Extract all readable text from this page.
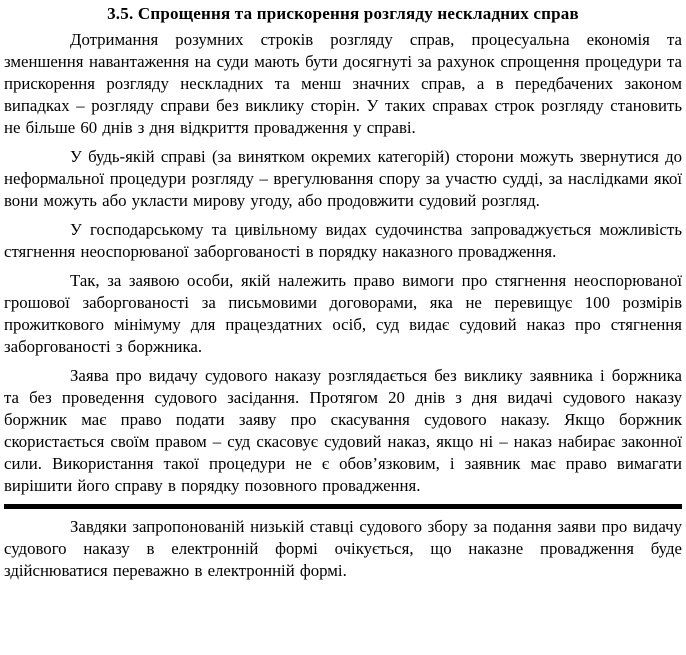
3.5. Спрощення та прискорення розгляду нескладних справ

Дотримання розумних строків розгляду справ, процесуальна економія та зменшення навантаження на суди мають бути досягнуті за рахунок спрощення процедури та прискорення розгляду нескладних та менш значних справ, а в передбачених законом випадках – розгляду справи без виклику сторін. У таких справах строк розгляду становить не більше 60 днів з дня відкриття провадження у справі.

У будь-якій справі (за винятком окремих категорій) сторони можуть звернутися до неформальної процедури розгляду – врегулювання спору за участю судді, за наслідками якої вони можуть або укласти мирову угоду, або продовжити судовий розгляд.

У господарському та цивільному видах судочинства запроваджується можливість стягнення неоспорюваної заборгованості в порядку наказного провадження.

Так, за заявою особи, якій належить право вимоги про стягнення неоспорюваної грошової заборгованості за письмовими договорами, яка не перевищує 100 розмірів прожиткового мінімуму для працездатних осіб, суд видає судовий наказ про стягнення заборгованості з боржника.

Заява про видачу судового наказу розглядається без виклику заявника і боржника та без проведення судового засідання. Протягом 20 днів з дня видачі судового наказу боржник має право подати заяву про скасування судового наказу. Якщо боржник скористається своїм правом – суд скасовує судовий наказ, якщо ні – наказ набирає законної сили. Використання такої процедури не є обов’язковим, і заявник має право вимагати вирішити його справу в порядку позовного провадження.

Завдяки запропонованій низькій ставці судового збору за подання заяви про видачу судового наказу в електронній формі очікується, що наказне провадження буде здійснюватися переважно в електронній формі.
